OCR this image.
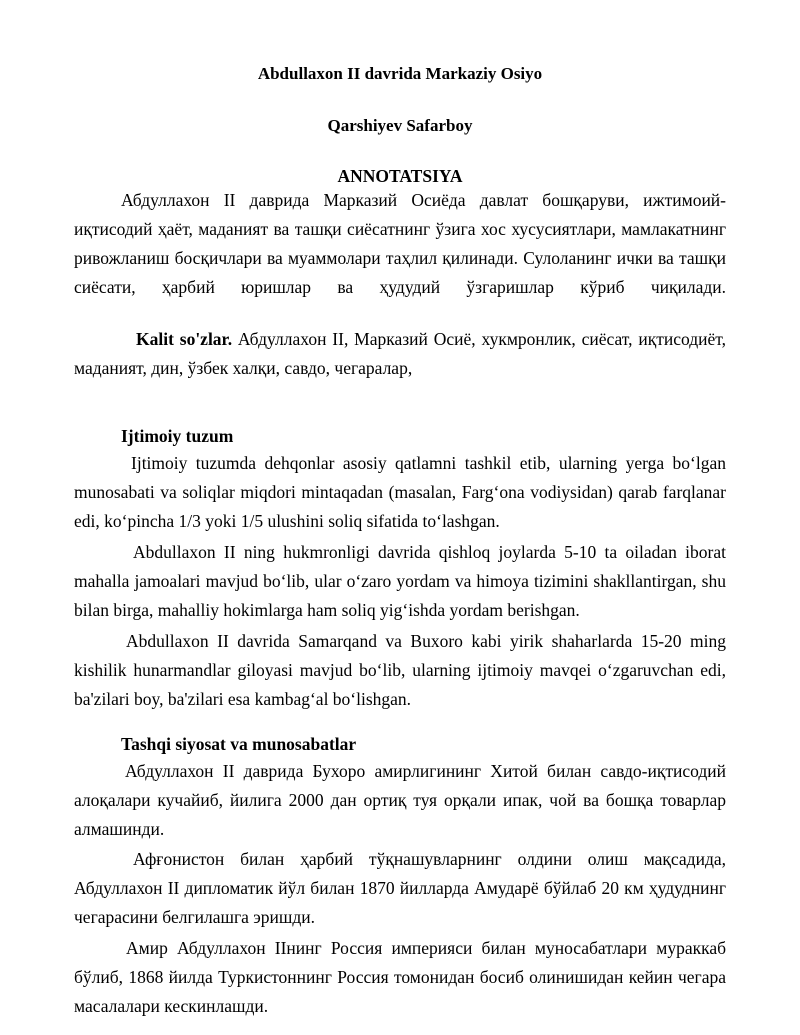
Abdullaxon II davrida Markaziy Osiyo
Qarshiyev Safarboy
ANNOTATSIYA
Абдуллахон II даврида Марказий Осиёда давлат бошқаруви, ижтимоий-иқтисодий ҳаёт, маданият ва ташқи сиёсатнинг ўзига хос хусусиятлари, мамлакатнинг ривожланиш босқичлари ва муаммолари таҳлил қилинади. Сулоланинг ички ва ташқи сиёсати, ҳарбий юришлар ва ҳудудий ўзгаришлар кўриб чиқилади.
Kalit so'zlar. Абдуллахон II, Марказий Осиё, хукмронлик, сиёсат, иқтисодиёт, маданият, дин, ўзбек халқи, савдо, чегаралар,
Ijtimoiy tuzum
Ijtimoiy tuzumda dehqonlar asosiy qatlamni tashkil etib, ularning yerga boʻlgan munosabati va soliqlar miqdori mintaqadan (masalan, Fargʻona vodiysidan) qarab farqlanar edi, koʻpincha 1/3 yoki 1/5 ulushini soliq sifatida toʻlashgan.
Abdullaxon II ning hukmronligi davrida qishloq joylarda 5-10 ta oiladan iborat mahalla jamoalari mavjud boʻlib, ular oʻzaro yordam va himoya tizimini shakllantirgan, shu bilan birga, mahalliy hokimlarga ham soliq yigʻishda yordam berishgan.
Abdullaxon II davrida Samarqand va Buxoro kabi yirik shaharlarda 15-20 ming kishilik hunarmandlar giloyasi mavjud boʻlib, ularning ijtimoiy mavqei oʻzgaruvchan edi, ba'zilari boy, ba'zilari esa kambagʻal boʻlishgan.
Tashqi siyosat va munosabatlar
Абдуллахон II даврида Бухоро амирлигининг Хитой билан савдо-иқтисодий алоқалари кучайиб, йилига 2000 дан ортиқ туя орқали ипак, чой ва бошқа товарлар алмашинди.
Афғонистон билан ҳарбий тўқнашувларнинг олдини олиш мақсадида, Абдуллахон II дипломатик йўл билан 1870 йилларда Амударё бўйлаб 20 км ҳудуднинг чегарасини белгилашга эришди.
Амир Абдуллахон IIнинг Россия империяси билан муносабатлари мураккаб бўлиб, 1868 йилда Туркистоннинг Россия томонидан босиб олинишидан кейин чегара масалалари кескинлашди.
